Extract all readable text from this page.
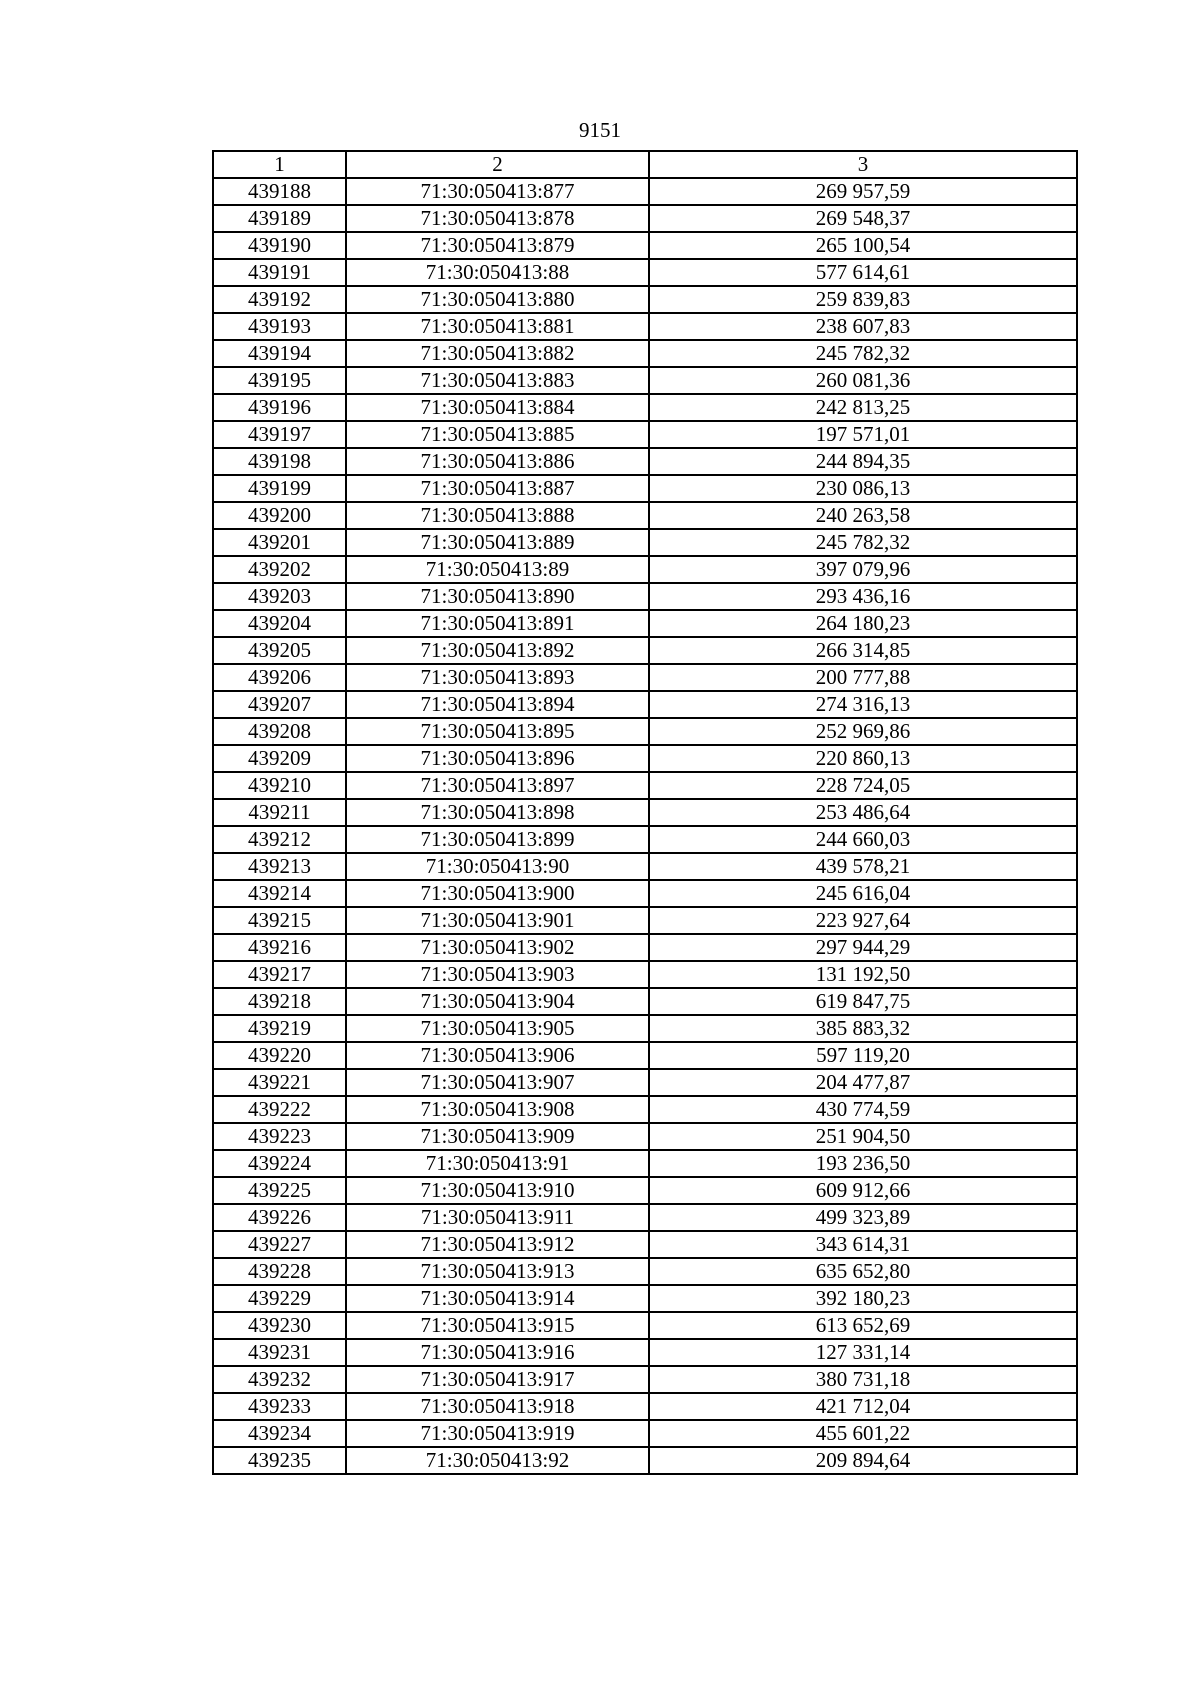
9151
1	2	3
439188	71:30:050413:877	269 957,59
439189	71:30:050413:878	269 548,37
439190	71:30:050413:879	265 100,54
439191	71:30:050413:88	577 614,61
439192	71:30:050413:880	259 839,83
439193	71:30:050413:881	238 607,83
439194	71:30:050413:882	245 782,32
439195	71:30:050413:883	260 081,36
439196	71:30:050413:884	242 813,25
439197	71:30:050413:885	197 571,01
439198	71:30:050413:886	244 894,35
439199	71:30:050413:887	230 086,13
439200	71:30:050413:888	240 263,58
439201	71:30:050413:889	245 782,32
439202	71:30:050413:89	397 079,96
439203	71:30:050413:890	293 436,16
439204	71:30:050413:891	264 180,23
439205	71:30:050413:892	266 314,85
439206	71:30:050413:893	200 777,88
439207	71:30:050413:894	274 316,13
439208	71:30:050413:895	252 969,86
439209	71:30:050413:896	220 860,13
439210	71:30:050413:897	228 724,05
439211	71:30:050413:898	253 486,64
439212	71:30:050413:899	244 660,03
439213	71:30:050413:90	439 578,21
439214	71:30:050413:900	245 616,04
439215	71:30:050413:901	223 927,64
439216	71:30:050413:902	297 944,29
439217	71:30:050413:903	131 192,50
439218	71:30:050413:904	619 847,75
439219	71:30:050413:905	385 883,32
439220	71:30:050413:906	597 119,20
439221	71:30:050413:907	204 477,87
439222	71:30:050413:908	430 774,59
439223	71:30:050413:909	251 904,50
439224	71:30:050413:91	193 236,50
439225	71:30:050413:910	609 912,66
439226	71:30:050413:911	499 323,89
439227	71:30:050413:912	343 614,31
439228	71:30:050413:913	635 652,80
439229	71:30:050413:914	392 180,23
439230	71:30:050413:915	613 652,69
439231	71:30:050413:916	127 331,14
439232	71:30:050413:917	380 731,18
439233	71:30:050413:918	421 712,04
439234	71:30:050413:919	455 601,22
439235	71:30:050413:92	209 894,64
